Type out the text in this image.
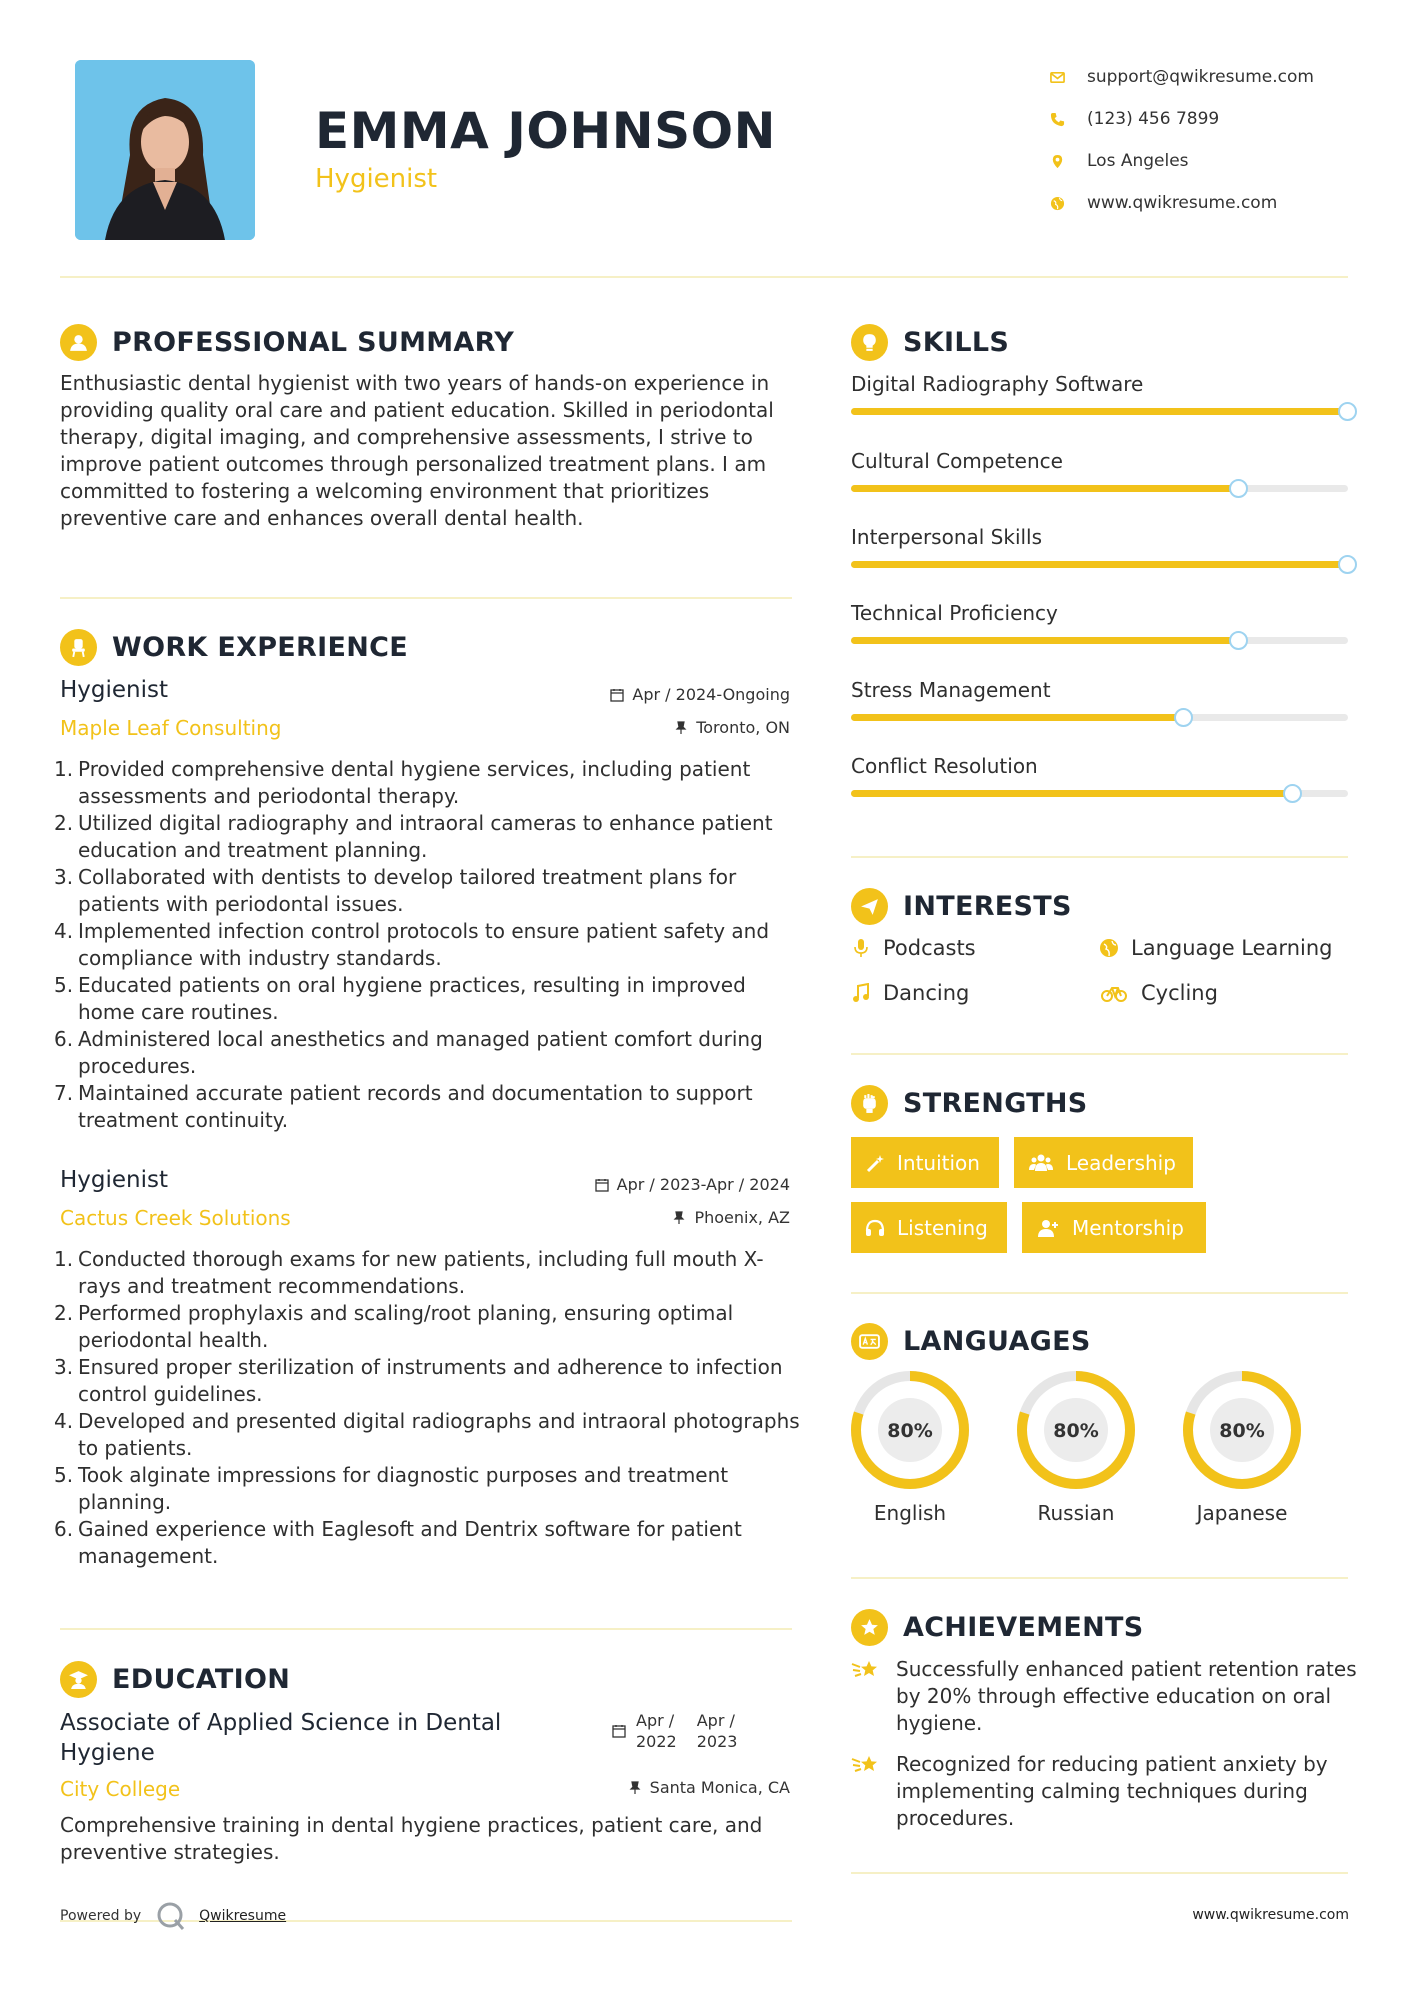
EMMA JOHNSON
Hygienist
support@qwikresume.com
(123) 456 7899
Los Angeles
www.qwikresume.com
PROFESSIONAL SUMMARY
Enthusiastic dental hygienist with two years of hands-on experience in providing quality oral care and patient education. Skilled in periodontal therapy, digital imaging, and comprehensive assessments, I strive to improve patient outcomes through personalized treatment plans. I am committed to fostering a welcoming environment that prioritizes preventive care and enhances overall dental health.
WORK EXPERIENCE
Hygienist	Apr / 2024-Ongoing
Maple Leaf Consulting	Toronto, ON
1. Provided comprehensive dental hygiene services, including patient assessments and periodontal therapy.
2. Utilized digital radiography and intraoral cameras to enhance patient education and treatment planning.
3. Collaborated with dentists to develop tailored treatment plans for patients with periodontal issues.
4. Implemented infection control protocols to ensure patient safety and compliance with industry standards.
5. Educated patients on oral hygiene practices, resulting in improved home care routines.
6. Administered local anesthetics and managed patient comfort during procedures.
7. Maintained accurate patient records and documentation to support treatment continuity.
Hygienist	Apr / 2023-Apr / 2024
Cactus Creek Solutions	Phoenix, AZ
1. Conducted thorough exams for new patients, including full mouth X-rays and treatment recommendations.
2. Performed prophylaxis and scaling/root planing, ensuring optimal periodontal health.
3. Ensured proper sterilization of instruments and adherence to infection control guidelines.
4. Developed and presented digital radiographs and intraoral photographs to patients.
5. Took alginate impressions for diagnostic purposes and treatment planning.
6. Gained experience with Eaglesoft and Dentrix software for patient management.
EDUCATION
Associate of Applied Science in Dental
Hygiene
Apr /
2022
Apr /
2023
City College	Santa Monica, CA
Comprehensive training in dental hygiene practices, patient care, and preventive strategies.
SKILLS
Digital Radiography Software
Cultural Competence
Interpersonal Skills
Technical Proficiency
Stress Management
Conflict Resolution
INTERESTS
Podcasts	Language Learning
Dancing	Cycling
STRENGTHS
Intuition	Leadership
Listening	Mentorship
LANGUAGES
80%
English
80%
Russian
80%
Japanese
ACHIEVEMENTS
Successfully enhanced patient retention rates by 20% through effective education on oral hygiene.
Recognized for reducing patient anxiety by implementing calming techniques during procedures.
Powered by	Qwikresume	www.qwikresume.com
